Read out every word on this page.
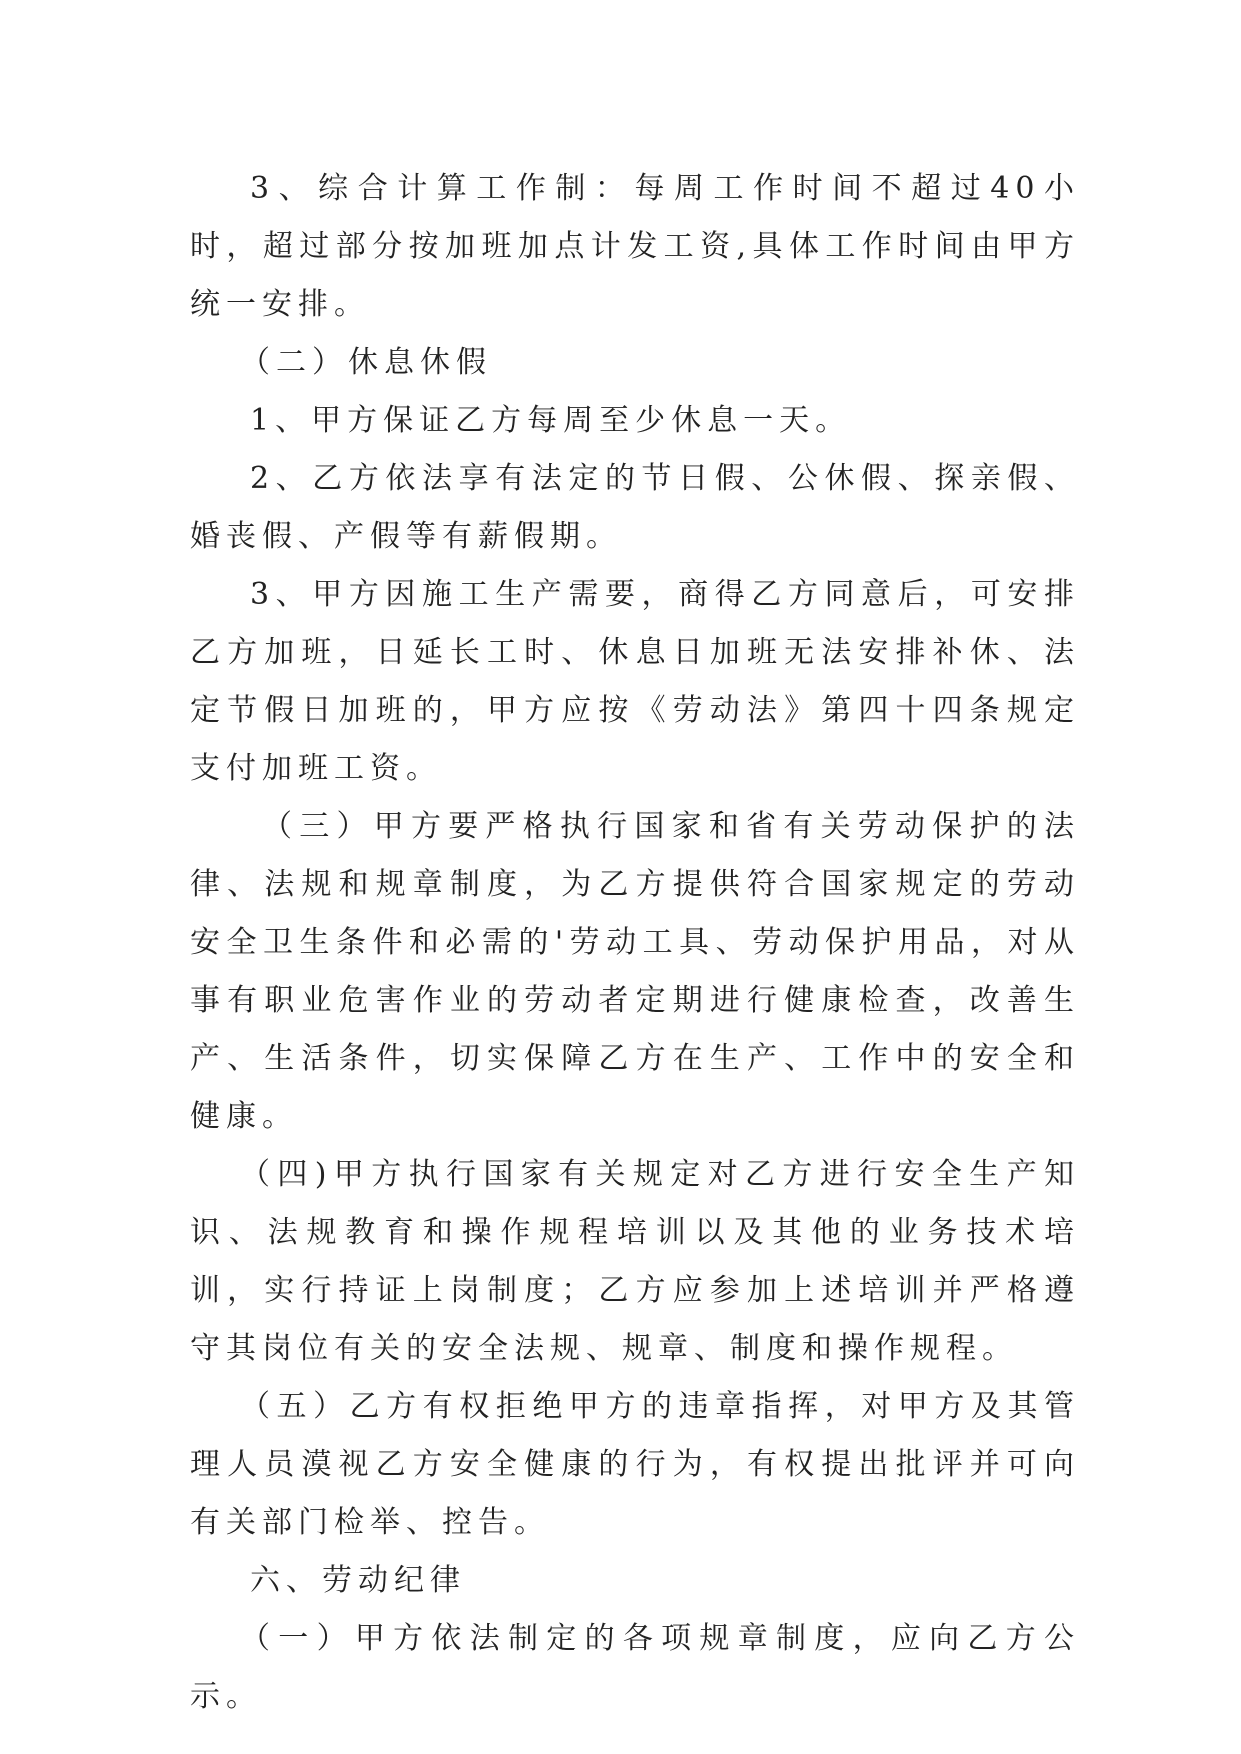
3、综合计算工作制：每周工作时间不超过40小时，超过部分按加班加点计发工资,具体工作时间由甲方统一安排。

（二）休息休假

1、甲方保证乙方每周至少休息一天。

2、乙方依法享有法定的节日假、公休假、探亲假、婚丧假、产假等有薪假期。

3、甲方因施工生产需要，商得乙方同意后，可安排乙方加班，日延长工时、休息日加班无法安排补休、法定节假日加班的，甲方应按《劳动法》第四十四条规定支付加班工资。

（三）甲方要严格执行国家和省有关劳动保护的法律、法规和规章制度，为乙方提供符合国家规定的劳动安全卫生条件和必需的'劳动工具、劳动保护用品，对从事有职业危害作业的劳动者定期进行健康检查，改善生产、生活条件，切实保障乙方在生产、工作中的安全和健康。

（四)甲方执行国家有关规定对乙方进行安全生产知识、法规教育和操作规程培训以及其他的业务技术培训，实行持证上岗制度；乙方应参加上述培训并严格遵守其岗位有关的安全法规、规章、制度和操作规程。

（五）乙方有权拒绝甲方的违章指挥，对甲方及其管理人员漠视乙方安全健康的行为，有权提出批评并可向有关部门检举、控告。

六、劳动纪律

（一）甲方依法制定的各项规章制度，应向乙方公示。
